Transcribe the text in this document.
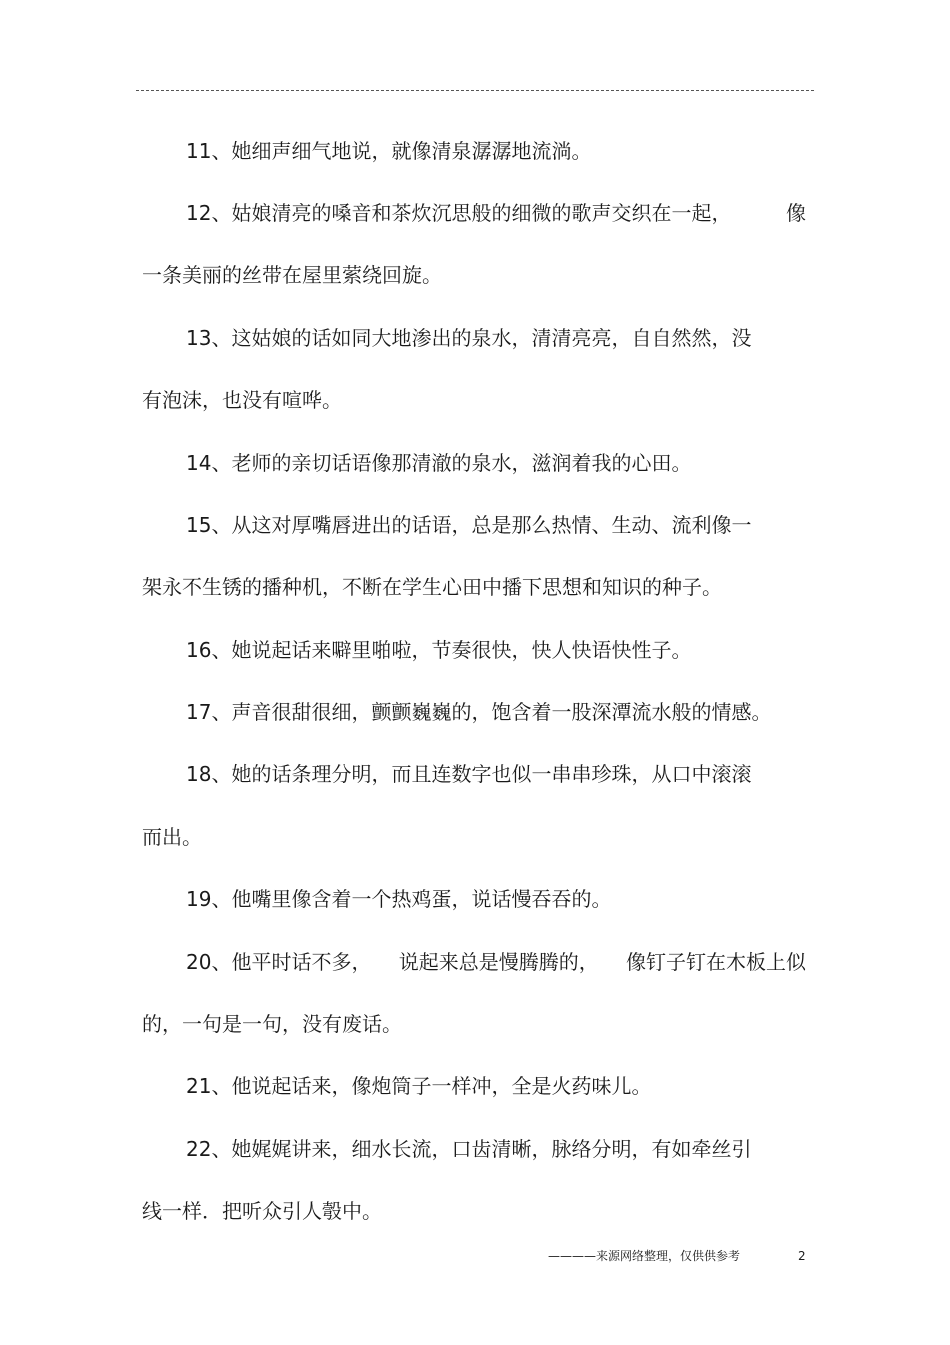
11、她细声细气地说，就像清泉潺潺地流淌。
12、姑娘清亮的嗓音和茶炊沉思般的细微的歌声交织在一起，	像
一条美丽的丝带在屋里萦绕回旋。
13、这姑娘的话如同大地渗出的泉水，清清亮亮，自自然然，没
有泡沫，也没有喧哗。
14、老师的亲切话语像那清澈的泉水，滋润着我的心田。
15、从这对厚嘴唇进出的话语，总是那么热情、生动、流利像一
架永不生锈的播种机，不断在学生心田中播下思想和知识的种子。
16、她说起话来噼里啪啦，节奏很快，快人快语快性子。
17、声音很甜很细，颤颤巍巍的，饱含着一股深潭流水般的情感。
18、她的话条理分明，而且连数字也似一串串珍珠，从口中滚滚
而出。
19、他嘴里像含着一个热鸡蛋，说话慢吞吞的。
20、他平时话不多， 说起来总是慢腾腾的， 像钉子钉在木板上似
的，一句是一句，没有废话。
21、他说起话来，像炮筒子一样冲，全是火药味儿。
22、她娓娓讲来，细水长流，口齿清晰，脉络分明，有如牵丝引
线一样．把听众引人彀中。
————来源网络整理，仅供供参考	2
